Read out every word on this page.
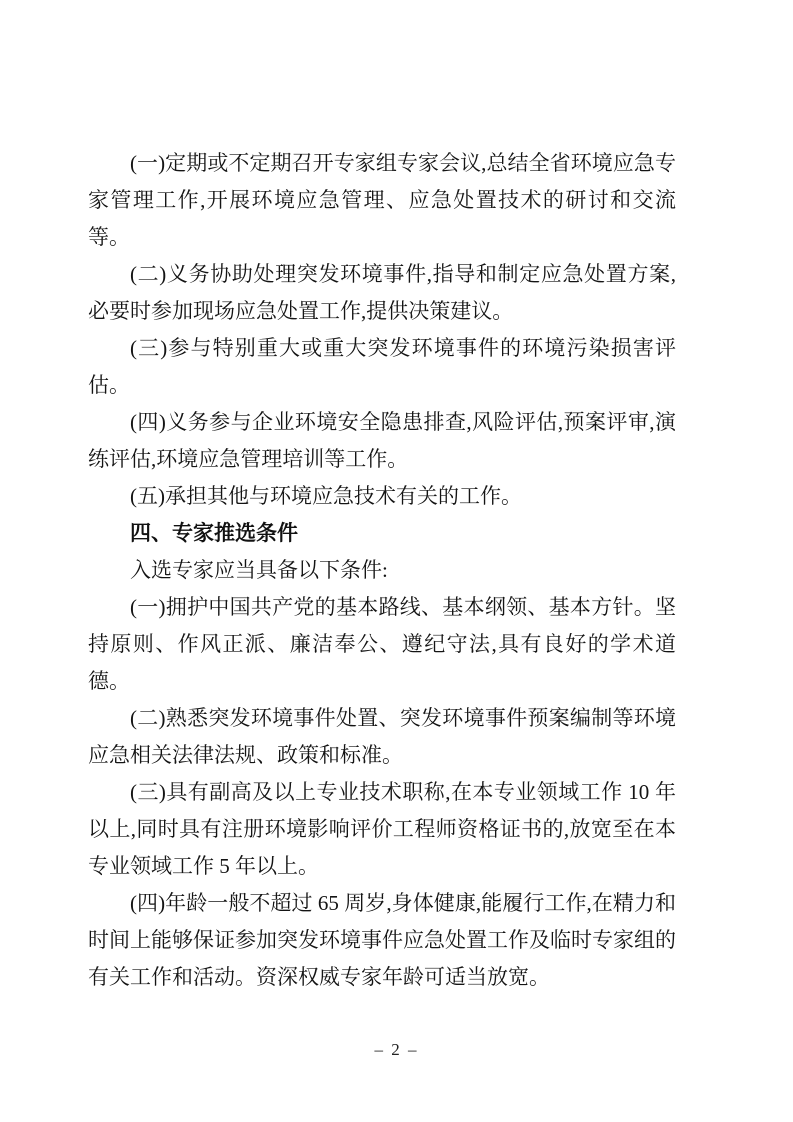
(一)定期或不定期召开专家组专家会议,总结全省环境应急专家管理工作,开展环境应急管理、应急处置技术的研讨和交流等。

(二)义务协助处理突发环境事件,指导和制定应急处置方案,必要时参加现场应急处置工作,提供决策建议。

(三)参与特别重大或重大突发环境事件的环境污染损害评估。

(四)义务参与企业环境安全隐患排查,风险评估,预案评审,演练评估,环境应急管理培训等工作。

(五)承担其他与环境应急技术有关的工作。

四、专家推选条件

入选专家应当具备以下条件:

(一)拥护中国共产党的基本路线、基本纲领、基本方针。坚持原则、作风正派、廉洁奉公、遵纪守法,具有良好的学术道德。

(二)熟悉突发环境事件处置、突发环境事件预案编制等环境应急相关法律法规、政策和标准。

(三)具有副高及以上专业技术职称,在本专业领域工作 10 年以上,同时具有注册环境影响评价工程师资格证书的,放宽至在本专业领域工作 5 年以上。

(四)年龄一般不超过 65 周岁,身体健康,能履行工作,在精力和时间上能够保证参加突发环境事件应急处置工作及临时专家组的有关工作和活动。资深权威专家年龄可适当放宽。

– 2 –
